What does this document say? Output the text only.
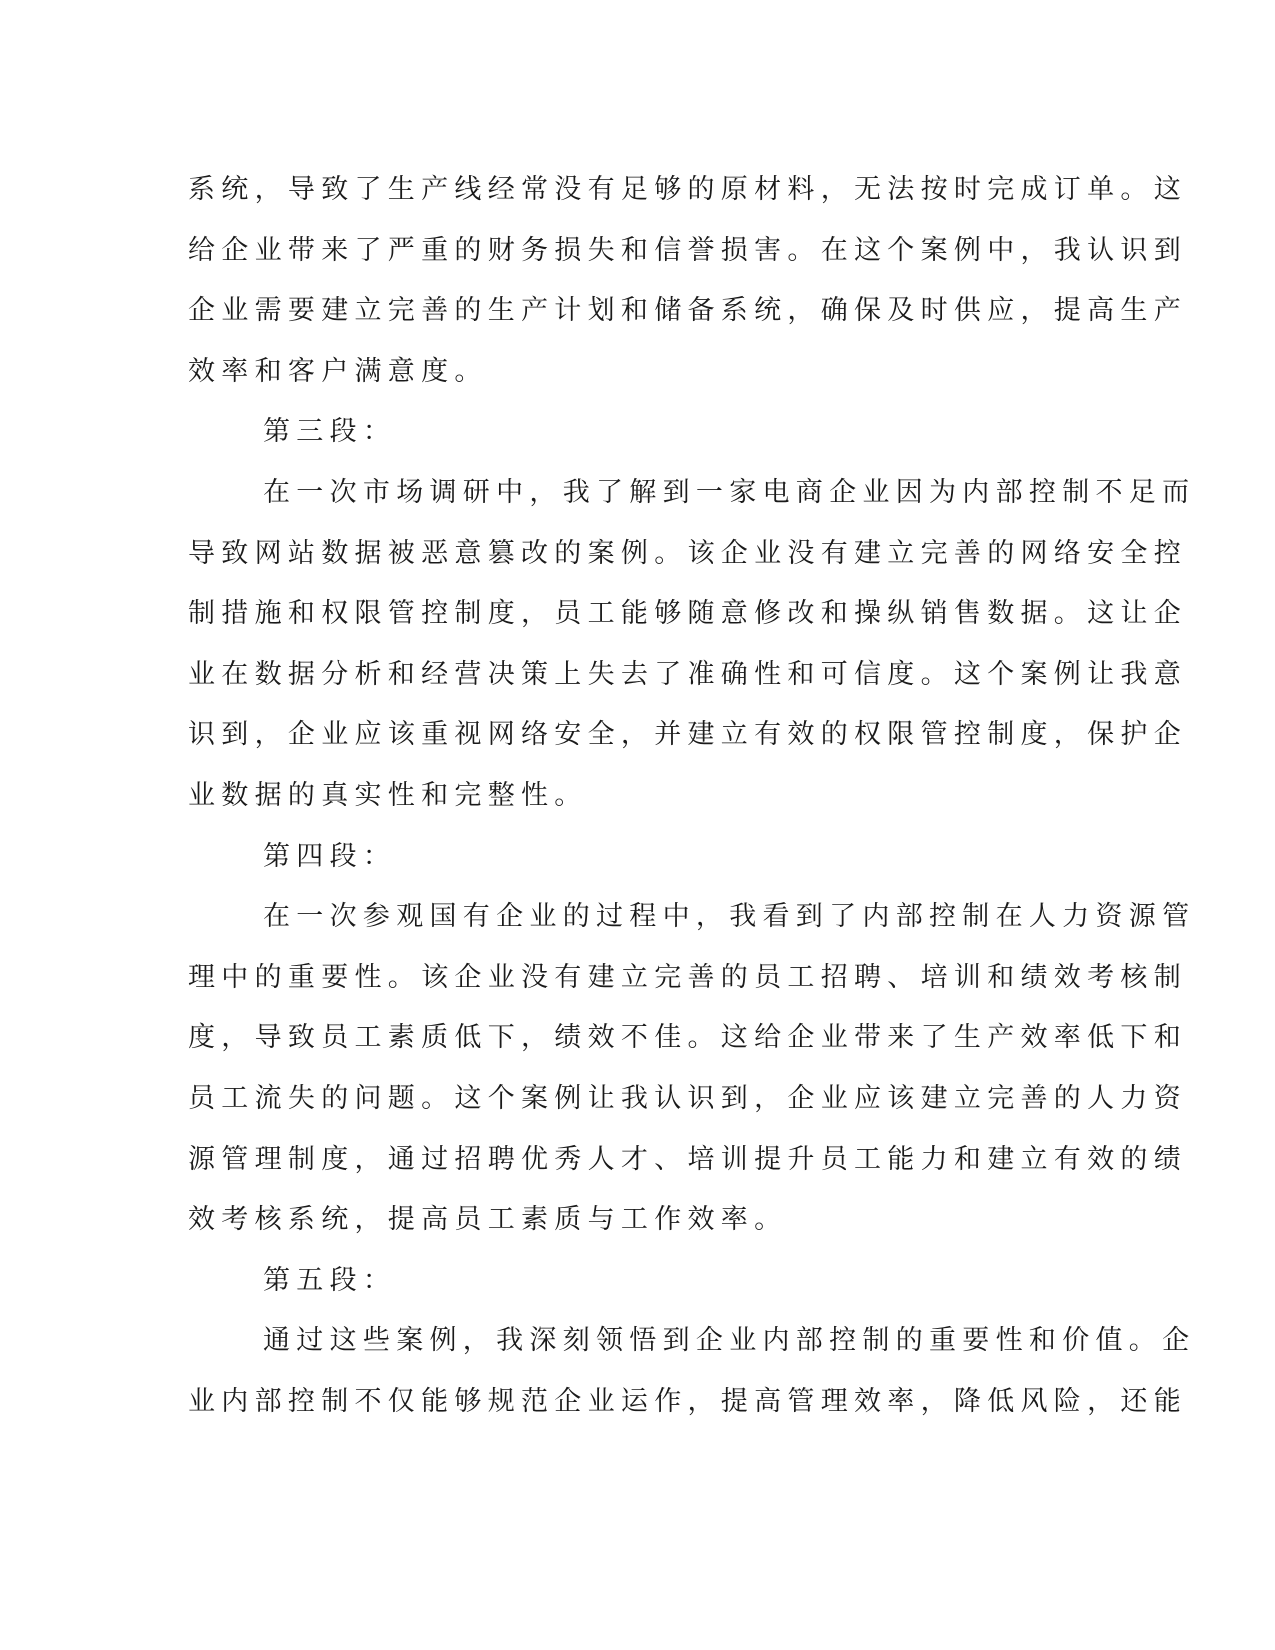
系统，导致了生产线经常没有足够的原材料，无法按时完成订单。这
给企业带来了严重的财务损失和信誉损害。在这个案例中，我认识到
企业需要建立完善的生产计划和储备系统，确保及时供应，提高生产
效率和客户满意度。
第三段：
在一次市场调研中，我了解到一家电商企业因为内部控制不足而
导致网站数据被恶意篡改的案例。该企业没有建立完善的网络安全控
制措施和权限管控制度，员工能够随意修改和操纵销售数据。这让企
业在数据分析和经营决策上失去了准确性和可信度。这个案例让我意
识到，企业应该重视网络安全，并建立有效的权限管控制度，保护企
业数据的真实性和完整性。
第四段：
在一次参观国有企业的过程中，我看到了内部控制在人力资源管
理中的重要性。该企业没有建立完善的员工招聘、培训和绩效考核制
度，导致员工素质低下，绩效不佳。这给企业带来了生产效率低下和
员工流失的问题。这个案例让我认识到，企业应该建立完善的人力资
源管理制度，通过招聘优秀人才、培训提升员工能力和建立有效的绩
效考核系统，提高员工素质与工作效率。
第五段：
通过这些案例，我深刻领悟到企业内部控制的重要性和价值。企
业内部控制不仅能够规范企业运作，提高管理效率，降低风险，还能
